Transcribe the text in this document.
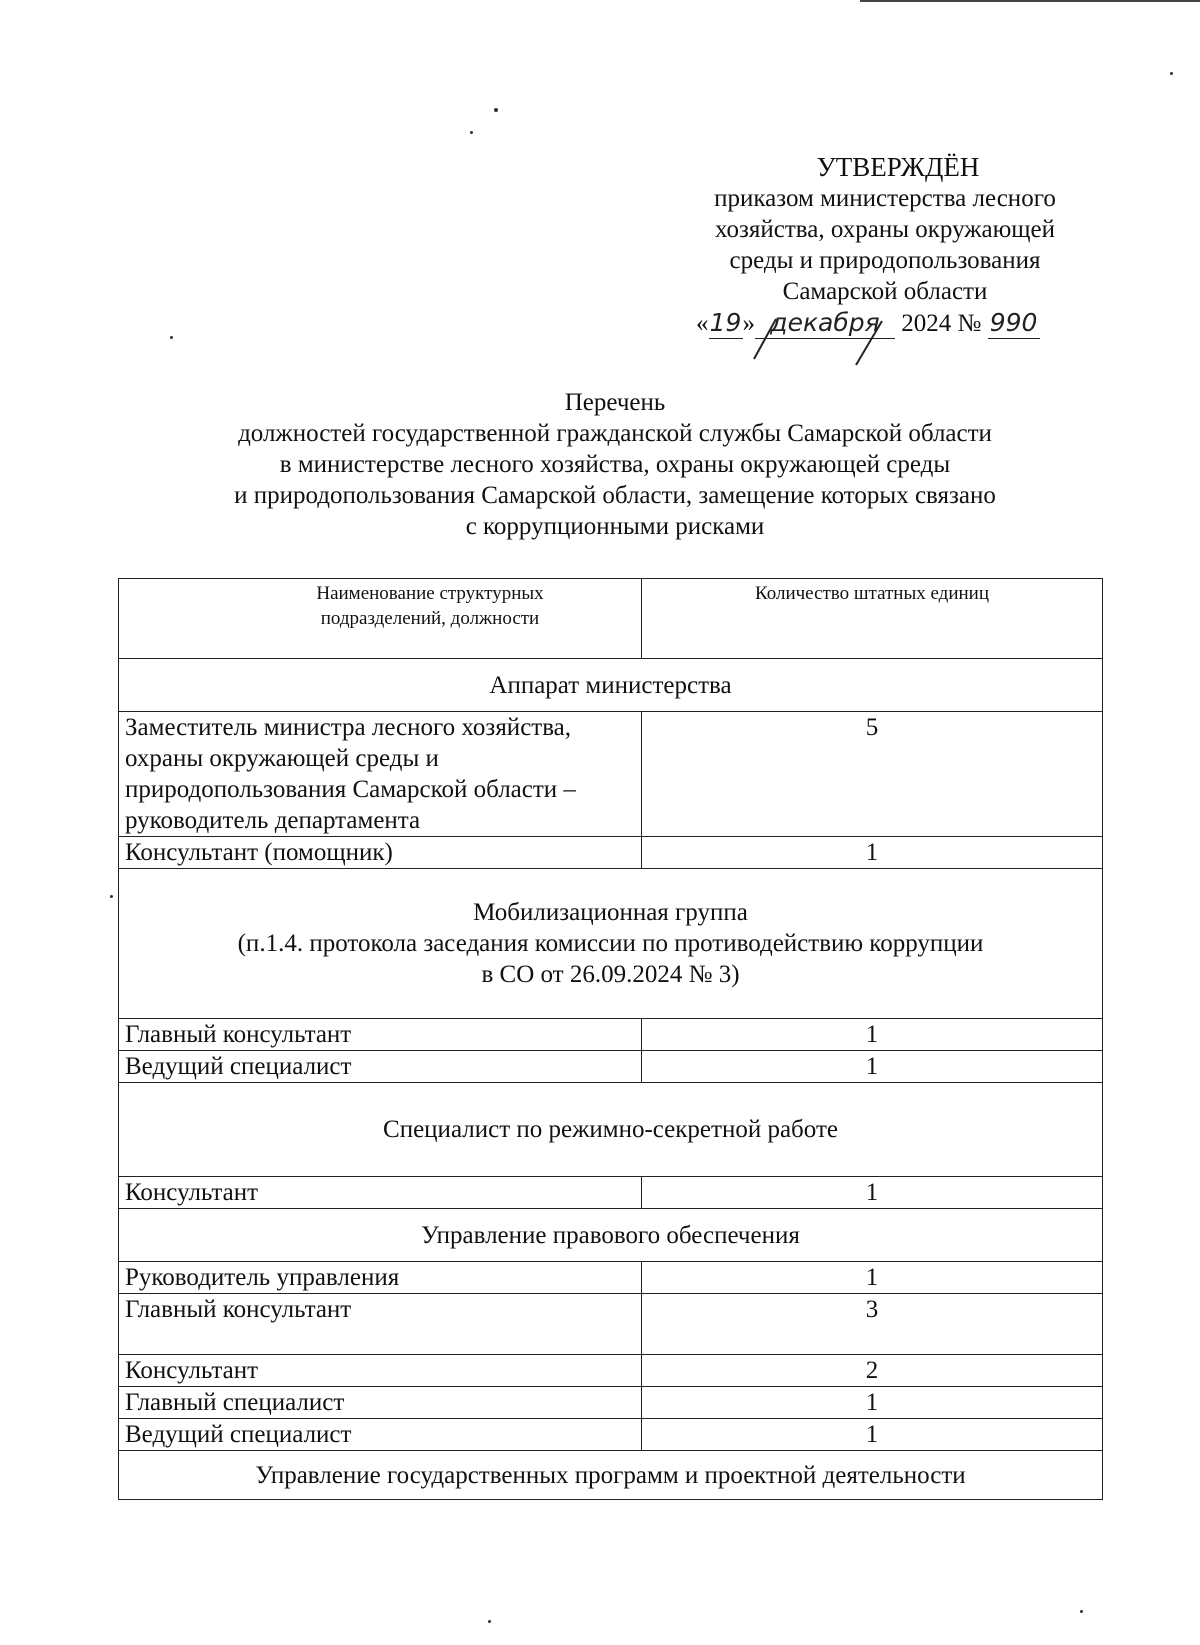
УТВЕРЖДЁН
приказом министерства лесного
хозяйства, охраны окружающей
среды и природопользования
Самарской области
«19» декабря 2024 № 990
Перечень
должностей государственной гражданской службы Самарской области
в министерстве лесного хозяйства, охраны окружающей среды
и природопользования Самарской области, замещение которых связано
с коррупционными рисками
Наименование структурных подразделений, должности	Количество штатных единиц
Аппарат министерства	
Заместитель министра лесного хозяйства, охраны окружающей среды и природопользования Самарской области – руководитель департамента	5
Консультант (помощник)	1

Мобилизационная группа
(п.1.4. протокола заседания комиссии по противодействию коррупции
в СО от 26.09.2024 № 3)	

Главный консультант	1
Ведущий специалист	1
Специалист по режимно-секретной работе	
Консультант	1
Управление правового обеспечения	
Руководитель управления	1
Главный консультант	3
Консультант	2
Главный специалист	1
Ведущий специалист	1
Управление государственных программ и проектной деятельности	
